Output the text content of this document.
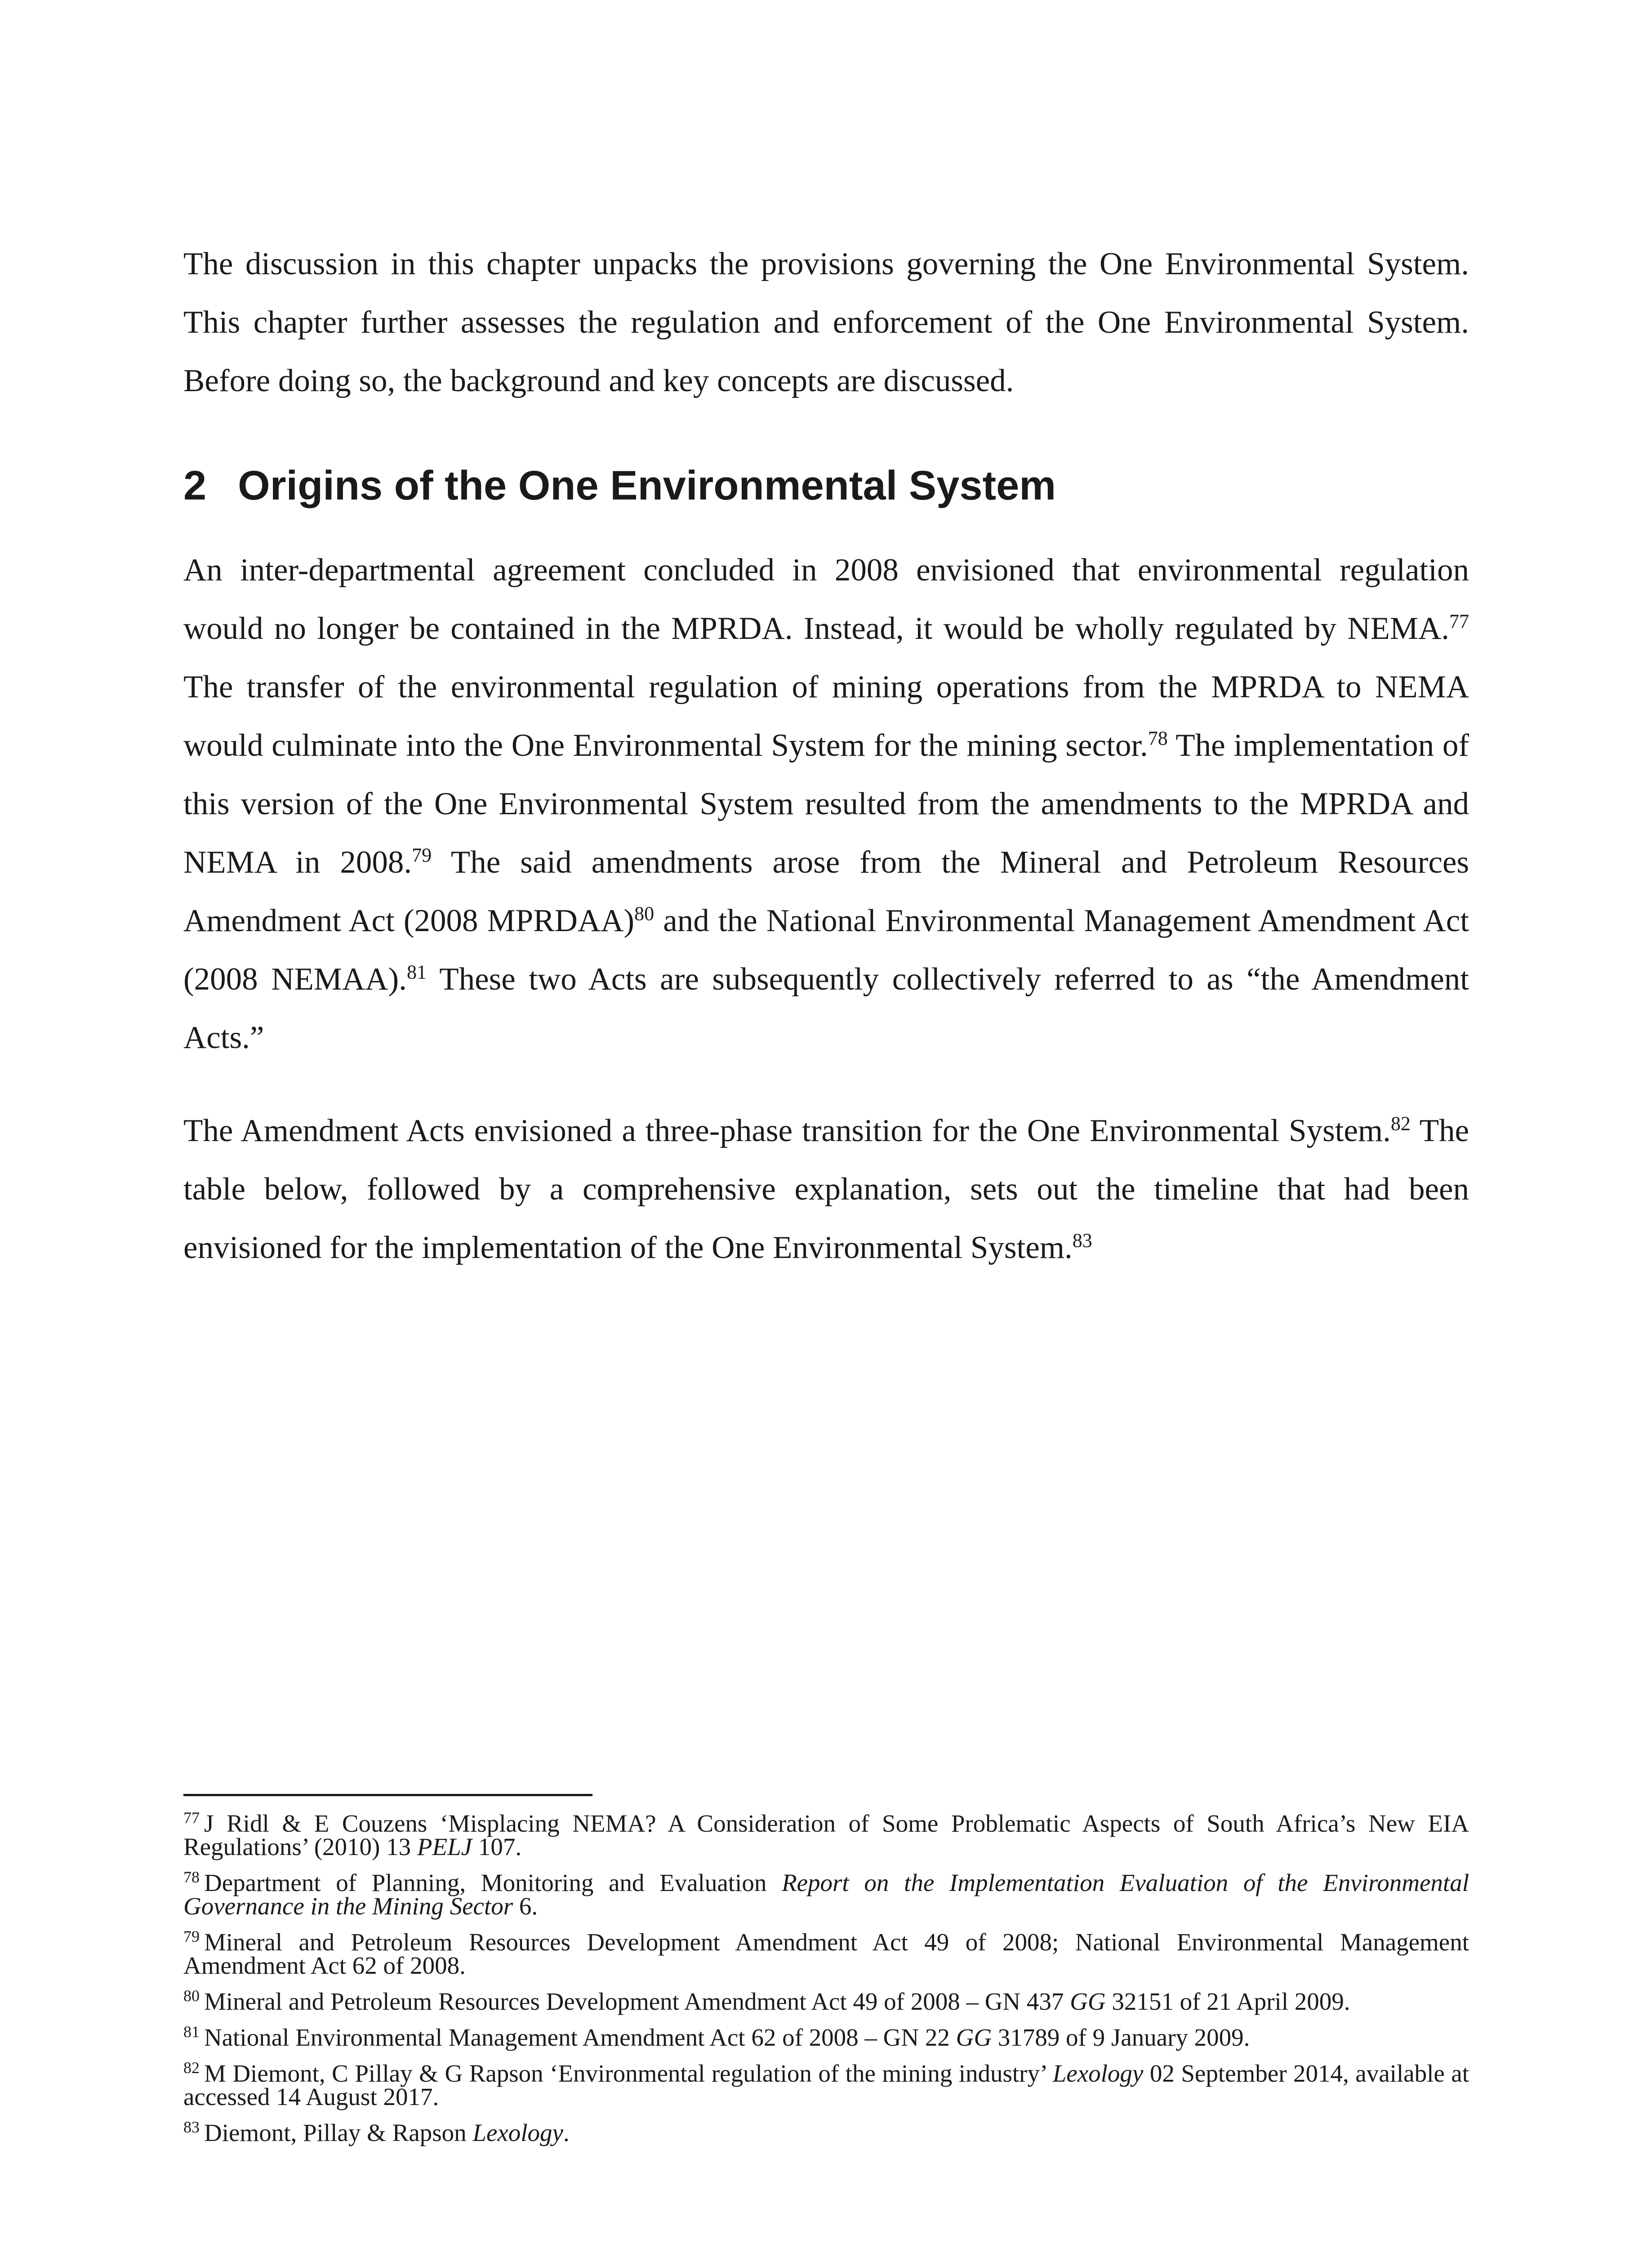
The discussion in this chapter unpacks the provisions governing the One Environmental System. This chapter further assesses the regulation and enforcement of the One Environmental System. Before doing so, the background and key concepts are discussed.

2 Origins of the One Environmental System

An inter-departmental agreement concluded in 2008 envisioned that environmental regulation would no longer be contained in the MPRDA. Instead, it would be wholly regulated by NEMA.$^{77}$ The transfer of the environmental regulation of mining operations from the MPRDA to NEMA would culminate into the One Environmental System for the mining sector.$^{78}$ The implementation of this version of the One Environmental System resulted from the amendments to the MPRDA and NEMA in 2008.79 The said amendments arose from the Mineral and Petroleum Resources Amendment Act (2008 MPRDAA)$^{80}$ and the National Environmental Management Amendment Act (2008 NEMAA).$^{81}$ These two Acts are subsequently collectively referred to as “the Amendment Acts.”

The Amendment Acts envisioned a three-phase transition for the One Environmental System.$^{82}$ The table below, followed by a comprehensive explanation, sets out the timeline that had been envisioned for the implementation of the One Environmental System.$^{83}$

$^{77}$ J Ridl & E Couzens ‘Misplacing NEMA? A Consideration of Some Problematic Aspects of South Africa’s New EIA Regulations’ (2010) 13 PELJ 107.

$^{78}$ Department of Planning, Monitoring and Evaluation Report on the Implementation Evaluation of the Environmental Governance in the Mining Sector 6.

$^{79}$ Mineral and Petroleum Resources Development Amendment Act 49 of 2008; National Environmental Management Amendment Act 62 of 2008.

$^{80}$ Mineral and Petroleum Resources Development Amendment Act 49 of 2008 – GN 437 GG 32151 of 21 April 2009.

$^{81}$ National Environmental Management Amendment Act 62 of 2008 – GN 22 GG 31789 of 9 January 2009.

$^{82}$ M Diemont, C Pillay & G Rapson ‘Environmental regulation of the mining industry’ Lexology 02 September 2014, available at accessed 14 August 2017.

$^{83}$ Diemont, Pillay & Rapson Lexology.
